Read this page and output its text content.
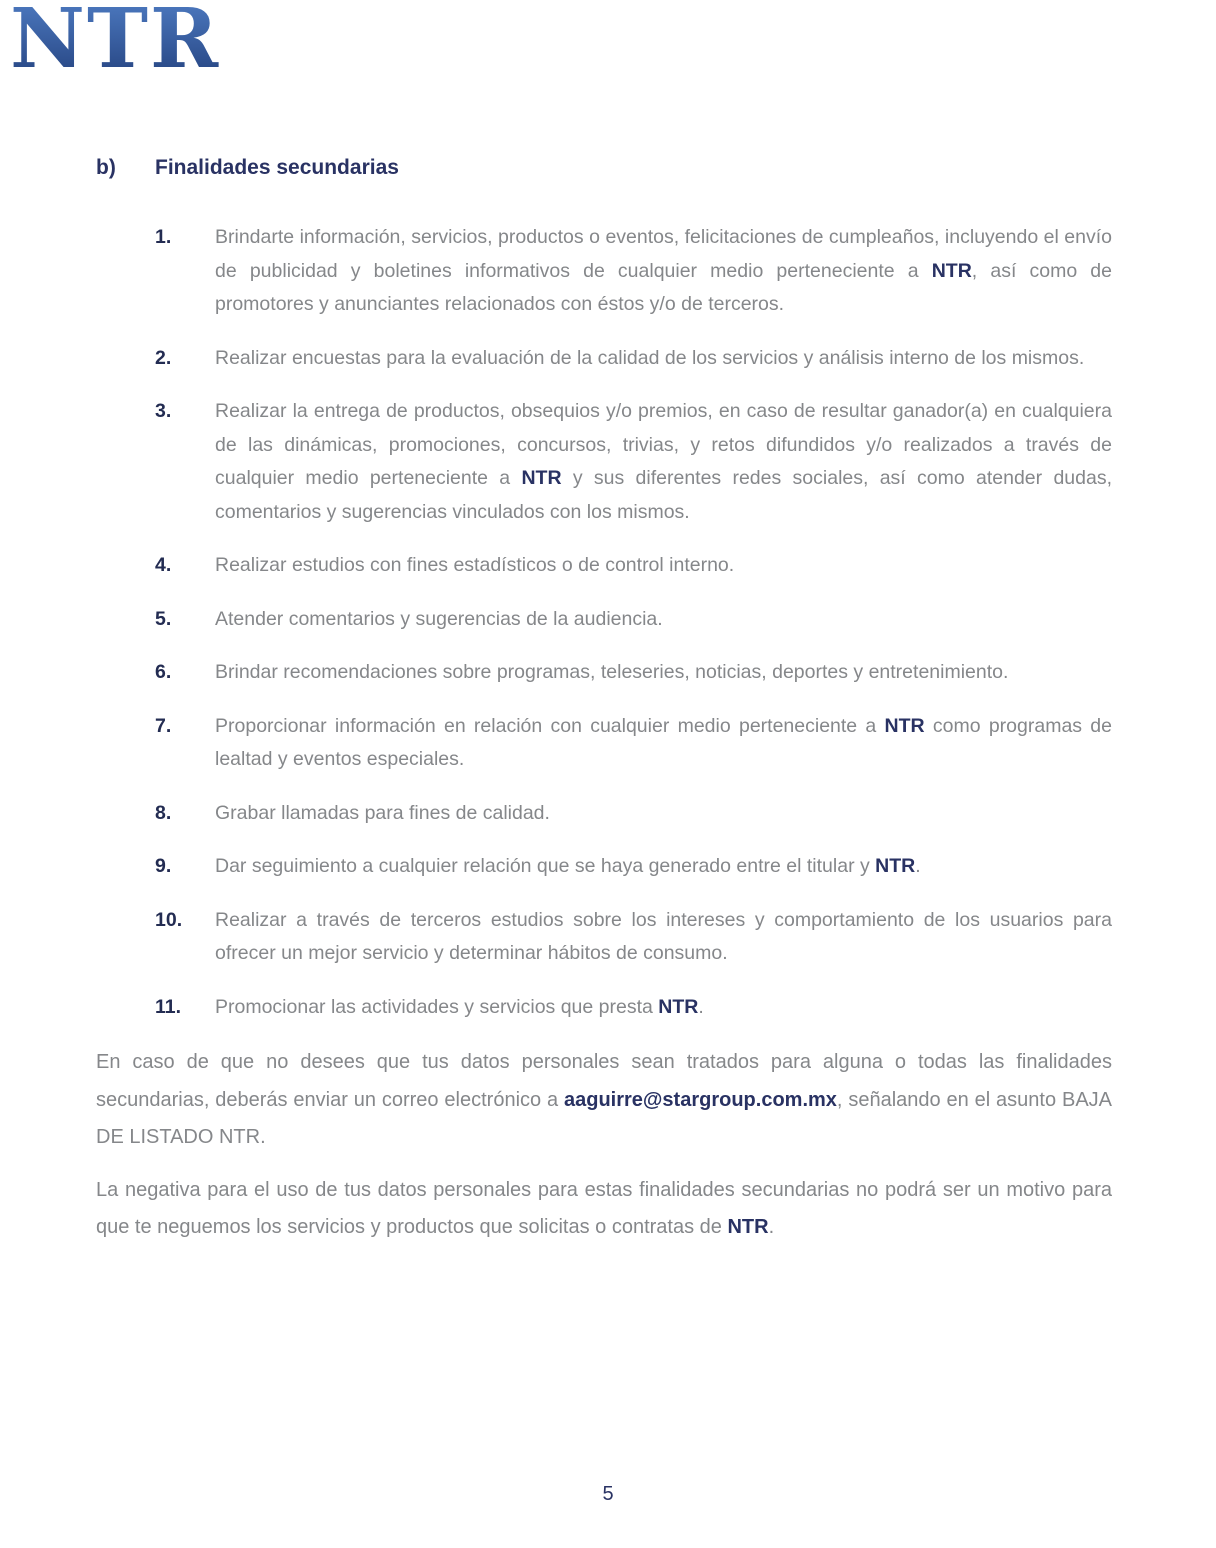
NTR
b)	Finalidades secundarias
1.	Brindarte información, servicios, productos o eventos, felicitaciones de cumpleaños, incluyendo el envío de publicidad y boletines informativos de cualquier medio perteneciente a NTR, así como de promotores y anunciantes relacionados con éstos y/o de terceros.
2.	Realizar encuestas para la evaluación de la calidad de los servicios y análisis interno de los mismos.
3.	Realizar la entrega de productos, obsequios y/o premios, en caso de resultar ganador(a) en cualquiera de las dinámicas, promociones, concursos, trivias, y retos difundidos y/o realizados a través de cualquier medio perteneciente a NTR y sus diferentes redes sociales, así como atender dudas, comentarios y sugerencias vinculados con los mismos.
4.	Realizar estudios con fines estadísticos o de control interno.
5.	Atender comentarios y sugerencias de la audiencia.
6.	Brindar recomendaciones sobre programas, teleseries, noticias, deportes y entretenimiento.
7.	Proporcionar información en relación con cualquier medio perteneciente a NTR como programas de lealtad y eventos especiales.
8.	Grabar llamadas para fines de calidad.
9.	Dar seguimiento a cualquier relación que se haya generado entre el titular y NTR.
10.	Realizar a través de terceros estudios sobre los intereses y comportamiento de los usuarios para ofrecer un mejor servicio y determinar hábitos de consumo.
11.	Promocionar las actividades y servicios que presta NTR.

En caso de que no desees que tus datos personales sean tratados para alguna o todas las finalidades secundarias, deberás enviar un correo electrónico a aaguirre@stargroup.com.mx, señalando en el asunto BAJA DE LISTADO NTR.

La negativa para el uso de tus datos personales para estas finalidades secundarias no podrá ser un motivo para que te neguemos los servicios y productos que solicitas o contratas de NTR.

5
